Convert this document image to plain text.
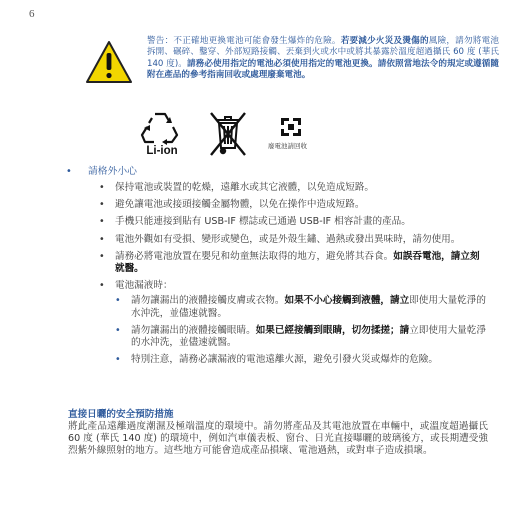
6
警告：不正確地更換電池可能會發生爆炸的危險。若要減少火災及燙傷的風險，請勿將電池拆開、碾碎、鑿穿、外部短路接觸、丟棄到火或水中或將其暴露於溫度超過攝氏 60 度 (華氏 140 度)。請務必使用指定的電池必須使用指定的電池更換。請依照當地法令的規定或遵循隨附在產品的參考指南回收或處理廢棄電池。
Li-ion	廢電池請回收
• 請格外小心
• 保持電池或裝置的乾燥，遠離水或其它液體，以免造成短路。
• 避免讓電池或接頭接觸金屬物體，以免在操作中造成短路。
• 手機只能連接到貼有 USB-IF 標誌或已通過 USB-IF 相容計畫的產品。
• 電池外觀如有受損、變形或變色，或是外殼生鏽、過熱或發出異味時，請勿使用。
• 請務必將電池放置在嬰兒和幼童無法取得的地方，避免將其吞食。如誤吞電池，請立刻就醫。
• 電池漏液時：
• 請勿讓漏出的液體接觸皮膚或衣物。如果不小心接觸到液體，請立即使用大量乾淨的水沖洗，並儘速就醫。
• 請勿讓漏出的液體接觸眼睛。如果已經接觸到眼睛，切勿揉搓；請立即使用大量乾淨的水沖洗，並儘速就醫。
• 特別注意，請務必讓漏液的電池遠離火源，避免引發火災或爆炸的危險。
直接日曬的安全預防措施

將此產品遠離過度潮濕及極端溫度的環境中。請勿將產品及其電池放置在車輛中，或溫度超過攝氏 60 度 (華氏 140 度) 的環境中，例如汽車儀表板、窗台、日光直接曝曬的玻璃後方，或長期遭受強烈紫外線照射的地方。這些地方可能會造成產品損壞、電池過熱，或對車子造成損壞。
